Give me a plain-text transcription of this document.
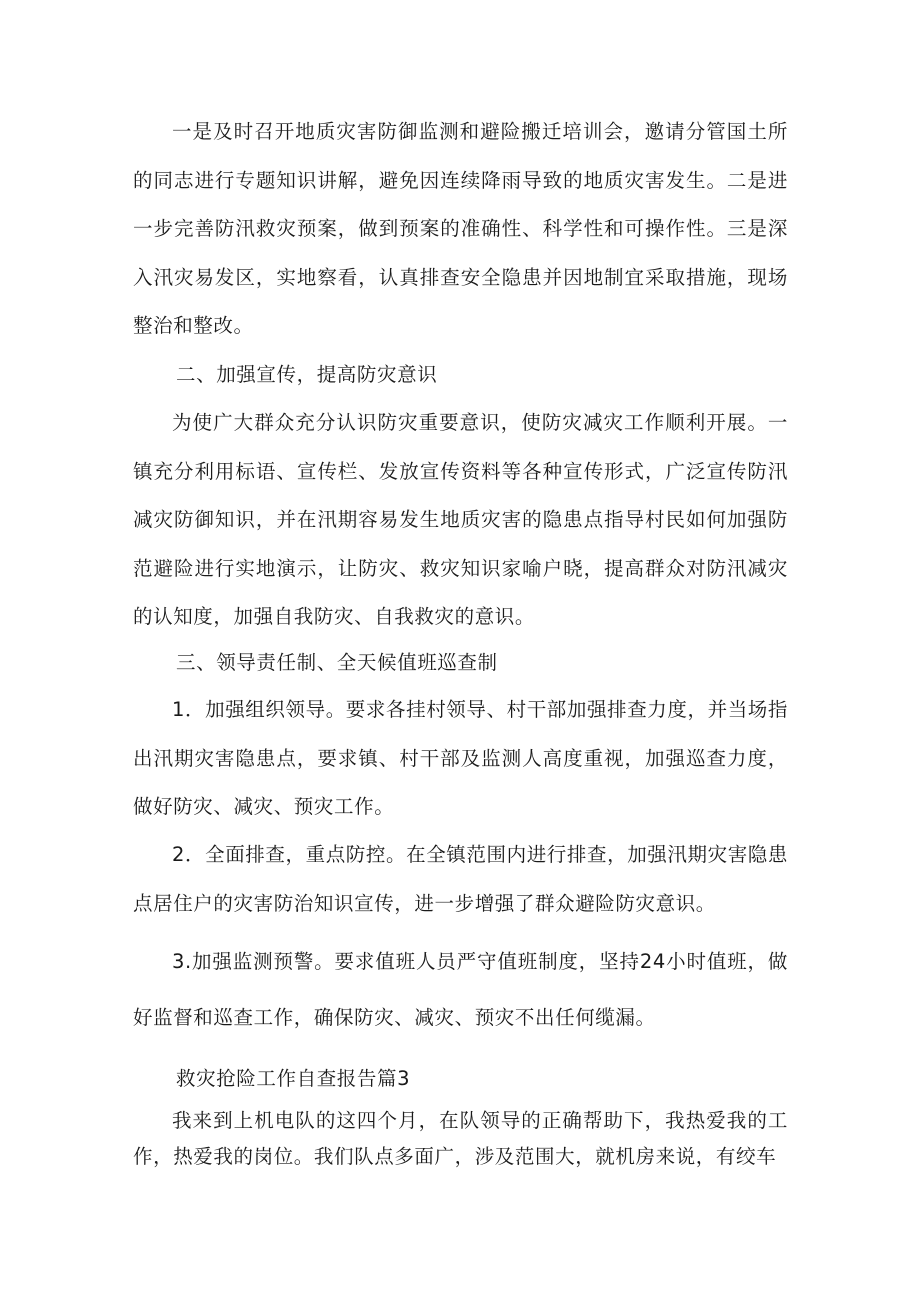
一是及时召开地质灾害防御监测和避险搬迁培训会，邀请分管国土所的同志进行专题知识讲解，避免因连续降雨导致的地质灾害发生。二是进一步完善防汛救灾预案，做到预案的准确性、科学性和可操作性。三是深入汛灾易发区，实地察看，认真排查安全隐患并因地制宜采取措施，现场整治和整改。

二、加强宣传，提高防灾意识

为使广大群众充分认识防灾重要意识，使防灾减灾工作顺利开展。一镇充分利用标语、宣传栏、发放宣传资料等各种宣传形式，广泛宣传防汛减灾防御知识，并在汛期容易发生地质灾害的隐患点指导村民如何加强防范避险进行实地演示，让防灾、救灾知识家喻户晓，提高群众对防汛减灾的认知度，加强自我防灾、自我救灾的意识。

三、领导责任制、全天候值班巡查制

1．加强组织领导。要求各挂村领导、村干部加强排查力度，并当场指出汛期灾害隐患点，要求镇、村干部及监测人高度重视，加强巡查力度，做好防灾、减灾、预灾工作。

2．全面排查，重点防控。在全镇范围内进行排查，加强汛期灾害隐患点居住户的灾害防治知识宣传，进一步增强了群众避险防灾意识。

3.加强监测预警。要求值班人员严守值班制度，坚持24小时值班，做好监督和巡查工作，确保防灾、减灾、预灾不出任何缆漏。

救灾抢险工作自查报告篇3

我来到上机电队的这四个月，在队领导的正确帮助下，我热爱我的工作，热爱我的岗位。我们队点多面广，涉及范围大，就机房来说，有绞车
